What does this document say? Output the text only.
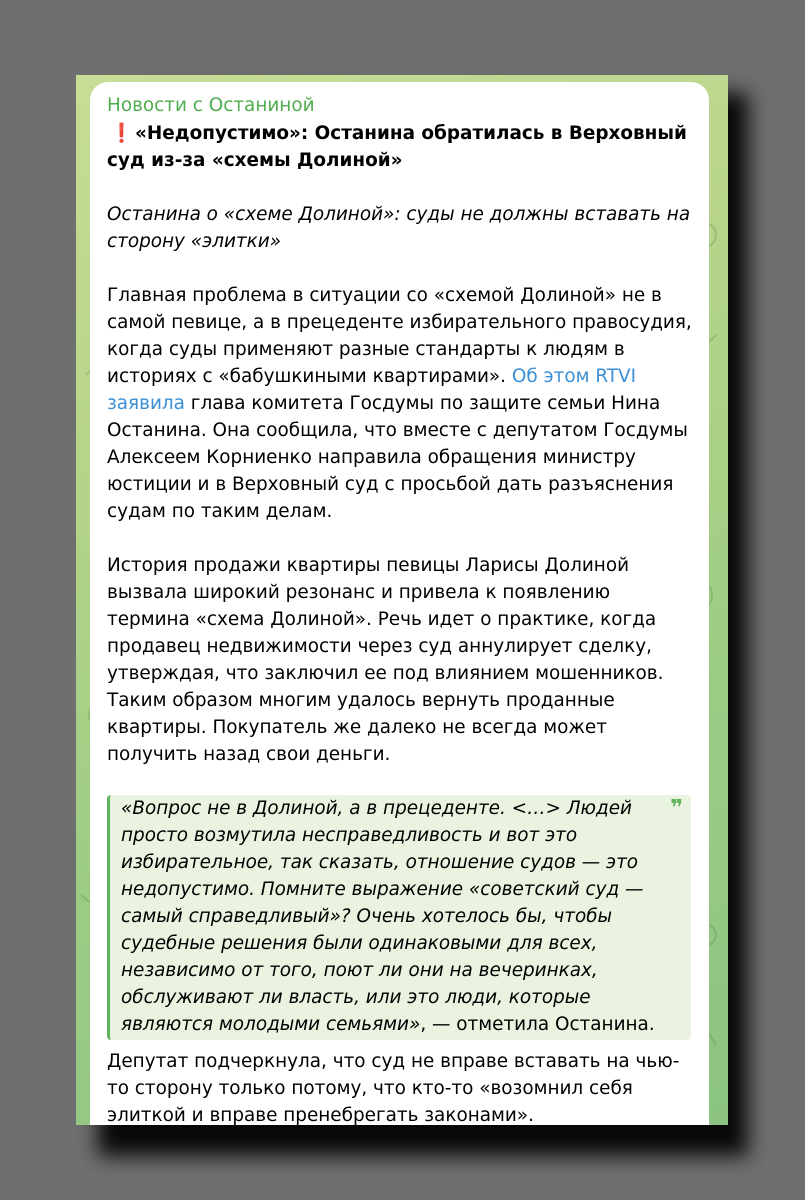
Новости с Останиной
❗ «Недопустимо»: Останина обратилась в Верховный суд из-за «схемы Долиной»

Останина о «схеме Долиной»: суды не должны вставать на сторону «элитки»

Главная проблема в ситуации со «схемой Долиной» не в самой певице, а в прецеденте избирательного правосудия, когда суды применяют разные стандарты к людям в историях с «бабушкиными квартирами». Об этом RTVI заявила глава комитета Госдумы по защите семьи Нина Останина. Она сообщила, что вместе с депутатом Госдумы Алексеем Корниенко направила обращения министру юстиции и в Верховный суд с просьбой дать разъяснения судам по таким делам.

История продажи квартиры певицы Ларисы Долиной вызвала широкий резонанс и привела к появлению термина «схема Долиной». Речь идет о практике, когда продавец недвижимости через суд аннулирует сделку, утверждая, что заключил ее под влиянием мошенников. Таким образом многим удалось вернуть проданные квартиры. Покупатель же далеко не всегда может получить назад свои деньги.

❞
«Вопрос не в Долиной, а в прецеденте. <…> Людей просто возмутила несправедливость и вот это избирательное, так сказать, отношение судов — это недопустимо. Помните выражение «советский суд — самый справедливый»? Очень хотелось бы, чтобы судебные решения были одинаковыми для всех, независимо от того, поют ли они на вечеринках, обслуживают ли власть, или это люди, которые являются молодыми семьями», — отметила Останина.

Депутат подчеркнула, что суд не вправе вставать на чью-то сторону только потому, что кто-то «возомнил себя элиткой и вправе пренебрегать законами».
